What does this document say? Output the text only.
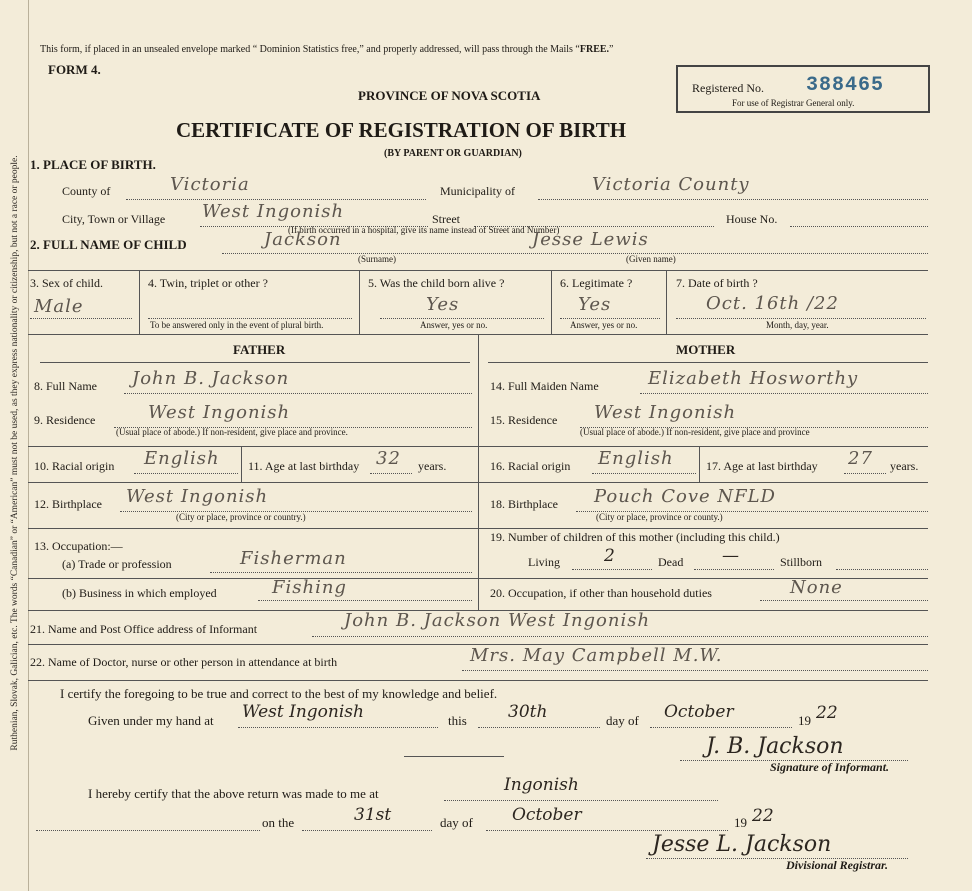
Ruthenian, Slovak, Galician, etc. The words “Canadian” or “American” must not be used, as they express nationality or citizenship, but not a race or people.
This form, if placed in an unsealed envelope marked “ Dominion Statistics free,” and properly addressed, will pass through the Mails “FREE.”
FORM 4.
PROVINCE OF NOVA SCOTIA	Registered No. 388465
For use of Registrar General only.
CERTIFICATE OF REGISTRATION OF BIRTH
(BY PARENT OR GUARDIAN)
1. PLACE OF BIRTH.
County of	Victoria	Municipality of	Victoria County
City, Town or Village West Ingonish	Street	House No.
(If birth occurred in a hospital, give its name instead of Street and Number)
2. FULL NAME OF CHILD	Jackson	Jesse Lewis
(Surname)	(Given name)
3. Sex of child.
Male
4. Twin, triplet or other ?
To be answered only in the event of plural birth.
5. Was the child born alive ?
Yes
Answer, yes or no.
6. Legitimate ?
Yes
Answer, yes or no.
7. Date of birth ?
Oct. 16th /22
Month, day, year.
FATHER	MOTHER
8. Full Name John B. Jackson
9. Residence	West Ingonish
(Usual place of abode.) If non-resident, give place and province.
10. Racial origin English 11. Age at last birthday 32 years.
12. Birthplace West Ingonish
(City or place, province or country.)
13. Occupation:—
(a) Trade or profession	Fisherman
(b) Business in which employed	Fishing
14. Full Maiden Name	Elizabeth Hosworthy
15. Residence West Ingonish
(Usual place of abode.) If non-resident, give place and province
16. Racial origin English	17. Age at last birthday 27 years.
18. Birthplace Pouch Cove NFLD
(City or place, province or county.)
19. Number of children of this mother (including this child.)
Living	2	Dead —	Stillborn
20. Occupation, if other than household duties	None
21. Name and Post Office address of Informant	John B. Jackson West Ingonish
22. Name of Doctor, nurse or other person in attendance at birth	Mrs. May Campbell M.W.
I certify the foregoing to be true and correct to the best of my knowledge and belief.
Given under my hand at West Ingonish	this 30th	day of October	19 22
J. B. Jackson
Signature of Informant.
I hereby certify that the above return was made to me at	Ingonish
on the	31st	day of October	19 22
Jesse L. Jackson
Divisional Registrar.
